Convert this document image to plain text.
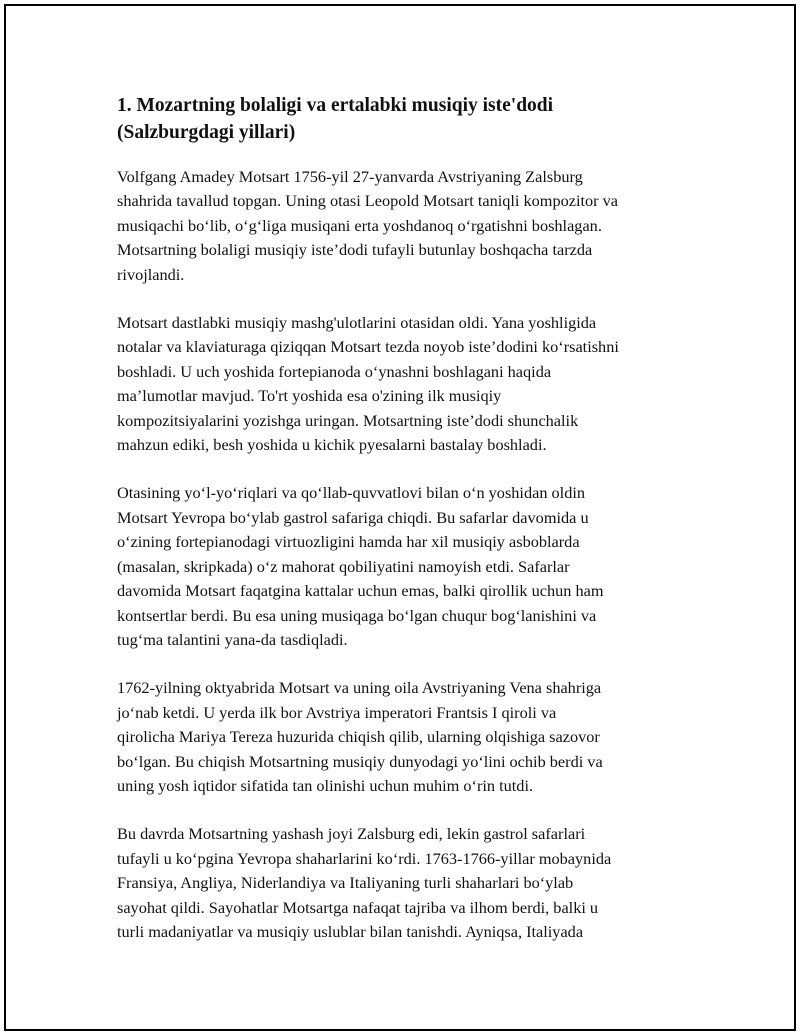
1. Mozartning bolaligi va ertalabki musiqiy iste'dodi
(Salzburgdagi yillari)
Volfgang Amadey Motsart 1756-yil 27-yanvarda Avstriyaning Zalsburg
shahrida tavallud topgan. Uning otasi Leopold Motsart taniqli kompozitor va
musiqachi bo‘lib, o‘g‘liga musiqani erta yoshdanoq o‘rgatishni boshlagan.
Motsartning bolaligi musiqiy iste’dodi tufayli butunlay boshqacha tarzda
rivojlandi.
Motsart dastlabki musiqiy mashg'ulotlarini otasidan oldi. Yana yoshligida
notalar va klaviaturaga qiziqqan Motsart tezda noyob iste’dodini ko‘rsatishni
boshladi. U uch yoshida fortepianoda o‘ynashni boshlagani haqida
ma’lumotlar mavjud. To'rt yoshida esa o'zining ilk musiqiy
kompozitsiyalarini yozishga uringan. Motsartning iste’dodi shunchalik
mahzun ediki, besh yoshida u kichik pyesalarni bastalay boshladi.
Otasining yo‘l-yo‘riqlari va qo‘llab-quvvatlovi bilan o‘n yoshidan oldin
Motsart Yevropa bo‘ylab gastrol safariga chiqdi. Bu safarlar davomida u
o‘zining fortepianodagi virtuozligini hamda har xil musiqiy asboblarda
(masalan, skripkada) o‘z mahorat qobiliyatini namoyish etdi. Safarlar
davomida Motsart faqatgina kattalar uchun emas, balki qirollik uchun ham
kontsertlar berdi. Bu esa uning musiqaga bo‘lgan chuqur bog‘lanishini va
tug‘ma talantini yana-da tasdiqladi.
1762-yilning oktyabrida Motsart va uning oila Avstriyaning Vena shahriga
jo‘nab ketdi. U yerda ilk bor Avstriya imperatori Frantsis I qiroli va
qirolicha Mariya Tereza huzurida chiqish qilib, ularning olqishiga sazovor
bo‘lgan. Bu chiqish Motsartning musiqiy dunyodagi yo‘lini ochib berdi va
uning yosh iqtidor sifatida tan olinishi uchun muhim o‘rin tutdi.
Bu davrda Motsartning yashash joyi Zalsburg edi, lekin gastrol safarlari
tufayli u ko‘pgina Yevropa shaharlarini ko‘rdi. 1763-1766-yillar mobaynida
Fransiya, Angliya, Niderlandiya va Italiyaning turli shaharlari bo‘ylab
sayohat qildi. Sayohatlar Motsartga nafaqat tajriba va ilhom berdi, balki u
turli madaniyatlar va musiqiy uslublar bilan tanishdi. Ayniqsa, Italiyada
